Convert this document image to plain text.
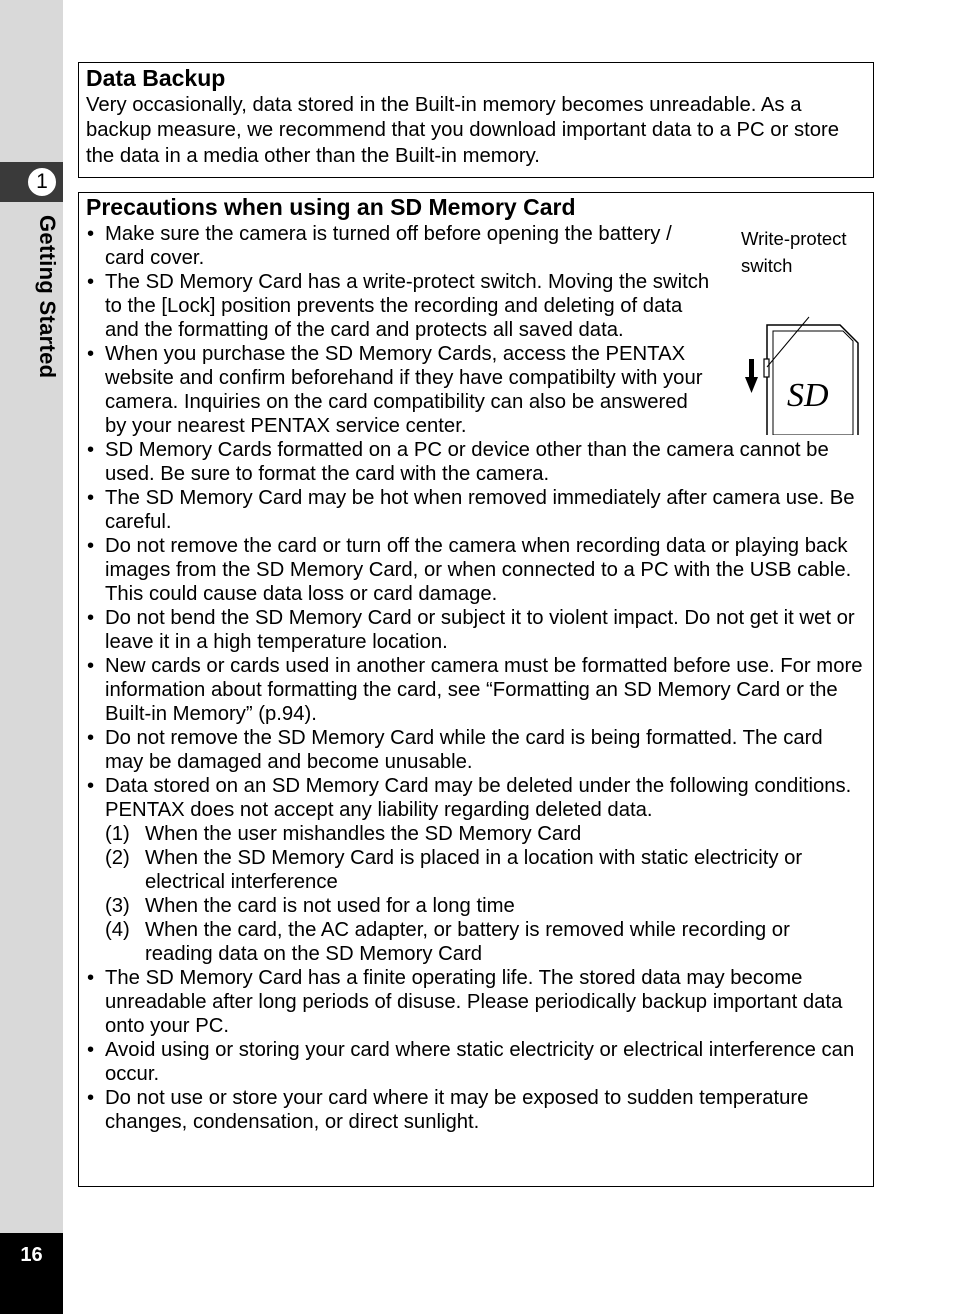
1
Getting Started
16
Data Backup

Very occasionally, data stored in the Built-in memory becomes unreadable. As a backup measure, we recommend that you download important data to a PC or store the data in a media other than the Built-in memory.

Precautions when using an SD Memory Card
Write-protect
switch
SD
• Make sure the camera is turned off before opening the battery / card cover.
• The SD Memory Card has a write-protect switch. Moving the switch to the [Lock] position prevents the recording and deleting of data and the formatting of the card and protects all saved data.
• When you purchase the SD Memory Cards, access the PENTAX website and confirm beforehand if they have compatibilty with your camera. Inquiries on the card compatibility can also be answered by your nearest PENTAX service center.
• SD Memory Cards formatted on a PC or device other than the camera cannot be used. Be sure to format the card with the camera.
• The SD Memory Card may be hot when removed immediately after camera use. Be careful.
• Do not remove the card or turn off the camera when recording data or playing back images from the SD Memory Card, or when connected to a PC with the USB cable. This could cause data loss or card damage.
• Do not bend the SD Memory Card or subject it to violent impact. Do not get it wet or leave it in a high temperature location.
• New cards or cards used in another camera must be formatted before use. For more information about formatting the card, see “Formatting an SD Memory Card or the Built-in Memory” (p.94).
• Do not remove the SD Memory Card while the card is being formatted. The card may be damaged and become unusable.
• Data stored on an SD Memory Card may be deleted under the following conditions. PENTAX does not accept any liability regarding deleted data.
(1) When the user mishandles the SD Memory Card
(2) When the SD Memory Card is placed in a location with static electricity or electrical interference
(3) When the card is not used for a long time
(4) When the card, the AC adapter, or battery is removed while recording or reading data on the SD Memory Card
• The SD Memory Card has a finite operating life. The stored data may become unreadable after long periods of disuse. Please periodically backup important data onto your PC.
• Avoid using or storing your card where static electricity or electrical interference can occur.
• Do not use or store your card where it may be exposed to sudden temperature changes, condensation, or direct sunlight.
